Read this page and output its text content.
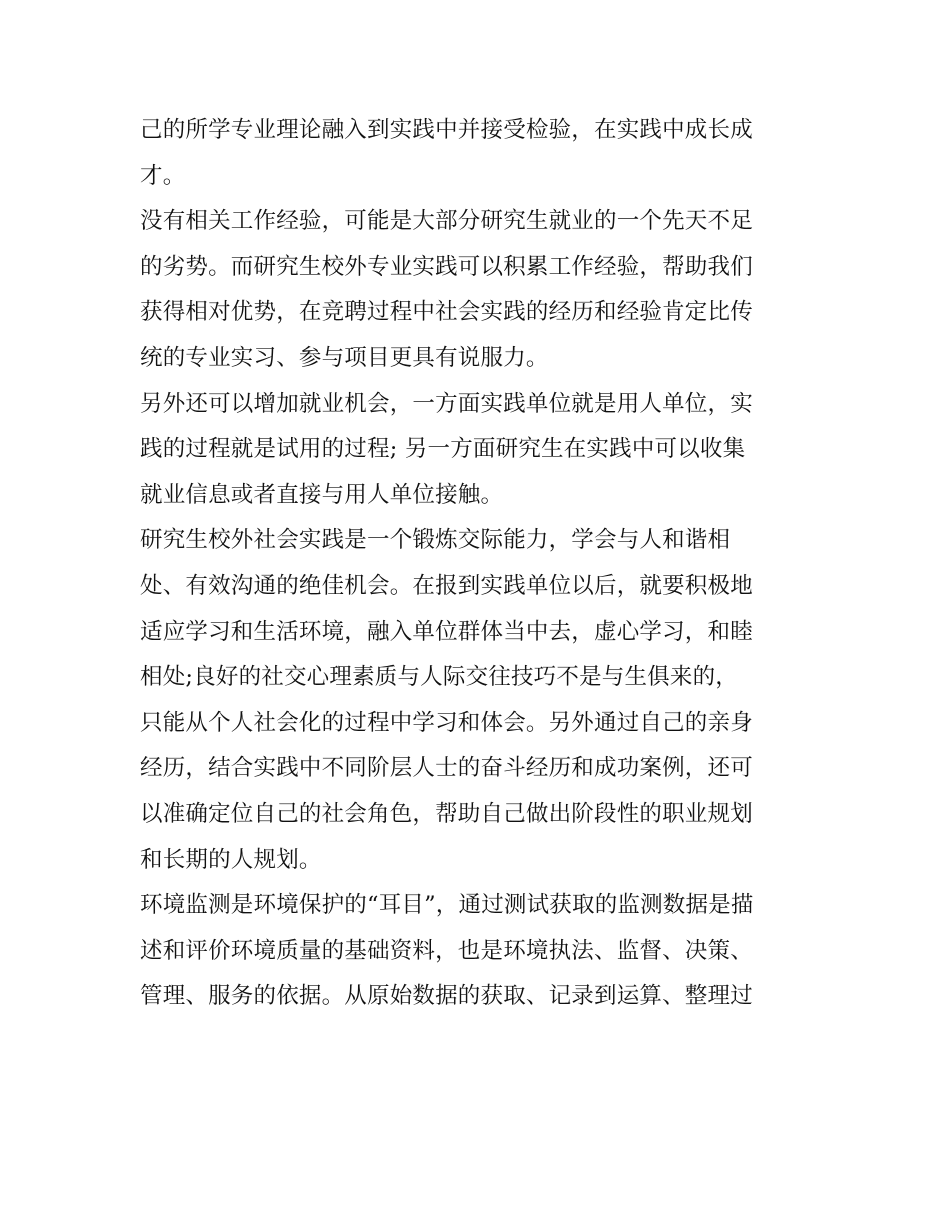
己的所学专业理论融入到实践中并接受检验，在实践中成长成
才。
没有相关工作经验，可能是大部分研究生就业的一个先天不足
的劣势。而研究生校外专业实践可以积累工作经验，帮助我们
获得相对优势，在竞聘过程中社会实践的经历和经验肯定比传
统的专业实习、参与项目更具有说服力。
另外还可以增加就业机会，一方面实践单位就是用人单位，实
践的过程就是试用的过程; 另一方面研究生在实践中可以收集
就业信息或者直接与用人单位接触。
研究生校外社会实践是一个锻炼交际能力，学会与人和谐相
处、有效沟通的绝佳机会。在报到实践单位以后，就要积极地
适应学习和生活环境，融入单位群体当中去，虚心学习，和睦
相处;良好的社交心理素质与人际交往技巧不是与生俱来的，
只能从个人社会化的过程中学习和体会。另外通过自己的亲身
经历，结合实践中不同阶层人士的奋斗经历和成功案例，还可
以准确定位自己的社会角色，帮助自己做出阶段性的职业规划
和长期的人规划。
环境监测是环境保护的“耳目”，通过测试获取的监测数据是描
述和评价环境质量的基础资料，也是环境执法、监督、决策、
管理、服务的依据。从原始数据的获取、记录到运算、整理过
